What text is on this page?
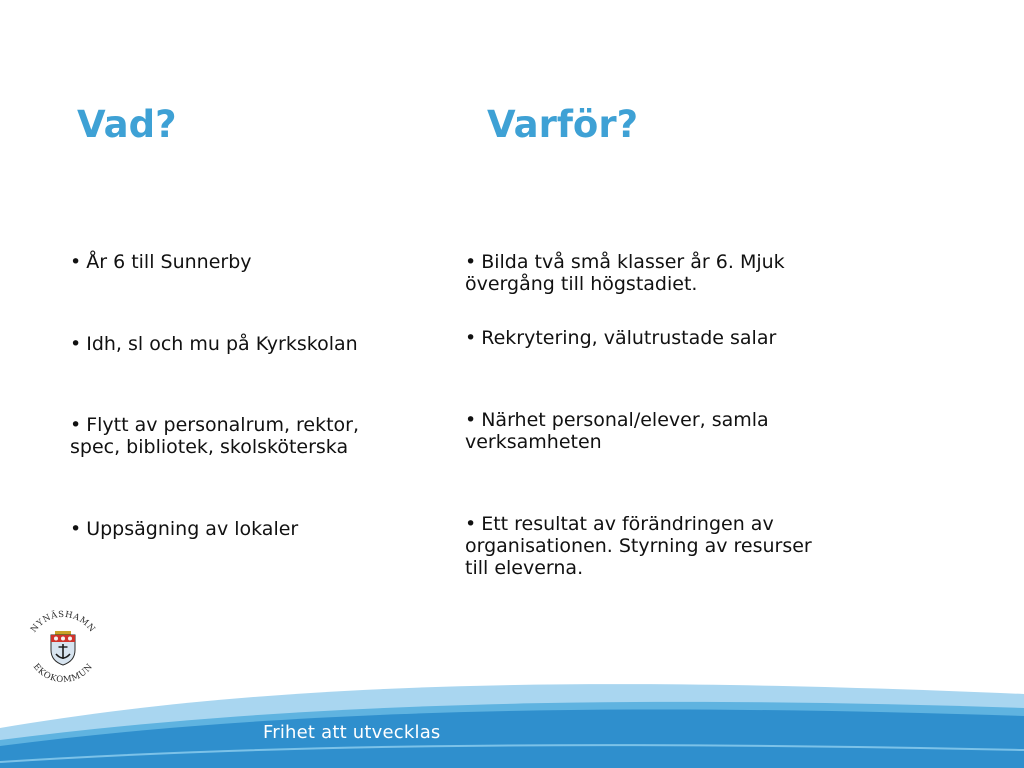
Vad?	Varför?
• År 6 till Sunnerby
• Idh, sl och mu på Kyrkskolan
• Flytt av personalrum, rektor,
spec, bibliotek, skolsköterska
• Uppsägning av lokaler
• Bilda två små klasser år 6. Mjuk
övergång till högstadiet.
• Rekrytering, välutrustade salar
• Närhet personal/elever, samla
verksamheten
• Ett resultat av förändringen av
organisationen. Styrning av resurser
till eleverna.
NYNÄSHAMN
EKOKOMMUN
Frihet att utvecklas
